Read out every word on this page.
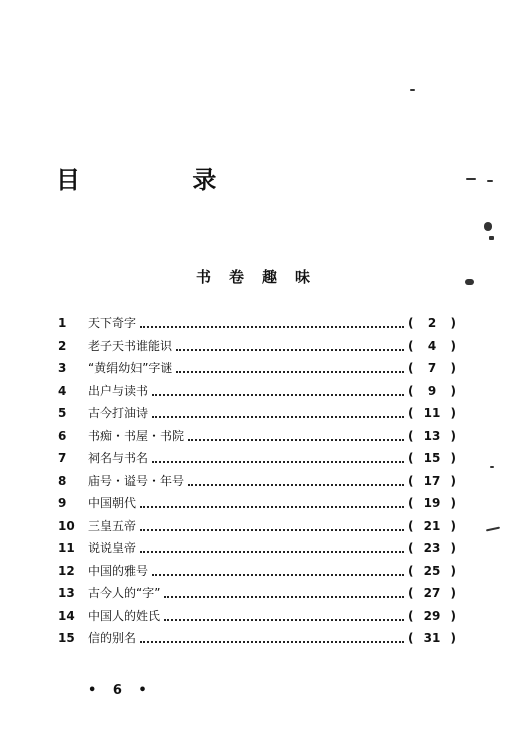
目 录
书卷趣味
1	天下奇字	(	2	)
2	老子天书谁能识	(	4	)
3	“黄绢幼妇”字谜	(	7	)
4	出户与读书	(	9	)
5	古今打油诗	( 11 )
6	书痴・书屋・书院	( 13 )
7	祠名与书名	( 15 )
8	庙号・谥号・年号	( 17 )
9	中国朝代	( 19 )
10	三皇五帝	( 21 )
11	说说皇帝	( 23 )
12	中国的雅号	( 25 )
13	古今人的“字”	( 27 )
14	中国人的姓氏	( 29 )
15	信的别名	( 31 )
• 6 •
